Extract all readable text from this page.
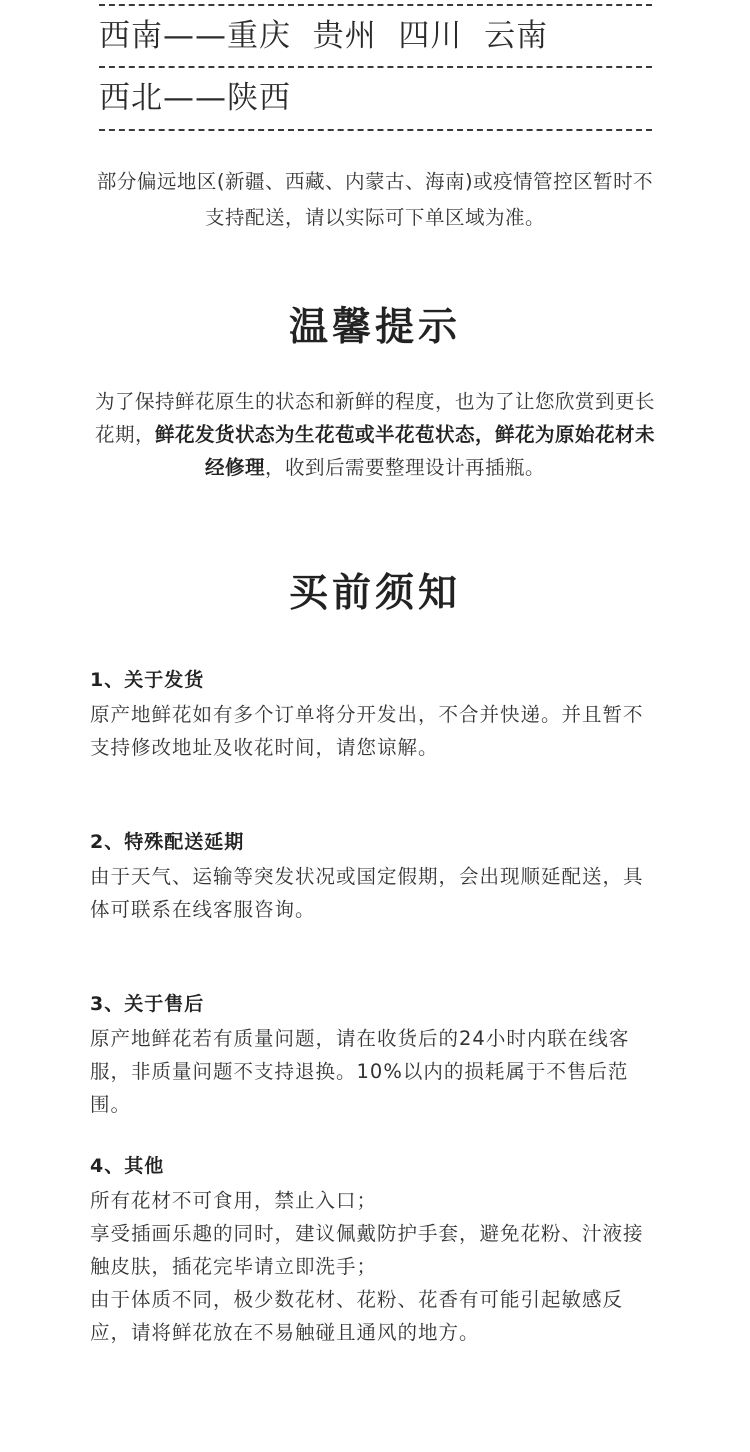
西南——重庆  贵州  四川  云南
西北——陕西
部分偏远地区(新疆、西藏、内蒙古、海南)或疫情管控区暂时不支持配送，请以实际可下单区域为准。
温馨提示
为了保持鲜花原生的状态和新鲜的程度，也为了让您欣赏到更长花期，鲜花发货状态为生花苞或半花苞状态，鲜花为原始花材未经修理，收到后需要整理设计再插瓶。
买前须知
1、关于发货

原产地鲜花如有多个订单将分开发出，不合并快递。并且暂不支持修改地址及收花时间，请您谅解。

2、特殊配送延期

由于天气、运输等突发状况或国定假期，会出现顺延配送，具体可联系在线客服咨询。

3、关于售后

原产地鲜花若有质量问题，请在收货后的24小时内联在线客服，非质量问题不支持退换。10%以内的损耗属于不售后范围。

4、其他

所有花材不可食用，禁止入口；

享受插画乐趣的同时，建议佩戴防护手套，避免花粉、汁液接触皮肤，插花完毕请立即洗手；

由于体质不同，极少数花材、花粉、花香有可能引起敏感反应，请将鲜花放在不易触碰且通风的地方。
